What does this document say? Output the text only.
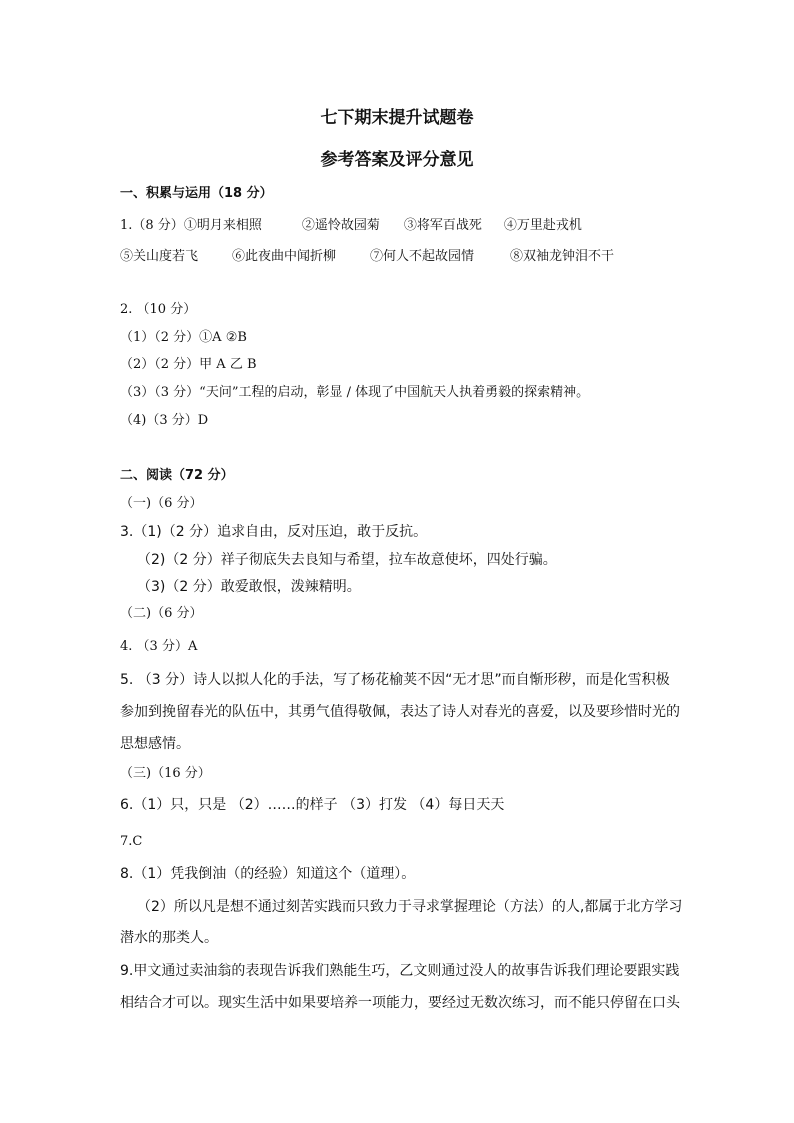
七下期末提升试题卷
参考答案及评分意见
一、积累与运用（18 分）
1.（8 分）①明月来相照	②遥怜故园菊 ③将军百战死 ④万里赴戎机
⑤关山度若飞	⑥此夜曲中闻折柳	⑦何人不起故园情	⑧双袖龙钟泪不干
2. （10 分）
（1）（2 分）①A ②B
（2）（2 分）甲 A 乙 B
（3）（3 分）“天问”工程的启动，彰显 / 体现了中国航天人执着勇毅的探索精神。
（4)（3 分）D
二、阅读（72 分）
（一)（6 分）
3.（1)（2 分）追求自由，反对压迫，敢于反抗。
（2)（2 分）祥子彻底失去良知与希望，拉车故意使坏，四处行骗。
（3)（2 分）敢爱敢恨，泼辣精明。
（二)（6 分）
4. （3 分）A
5. （3 分）诗人以拟人化的手法，写了杨花榆荚不因“无才思”而自惭形秽，而是化雪积极
参加到挽留春光的队伍中，其勇气值得敬佩，表达了诗人对春光的喜爱，以及要珍惜时光的
思想感情。
（三)（16 分）
6.（1）只，只是 （2）……的样子 （3）打发 （4）每日天天
7.C
8.（1）凭我倒油（的经验）知道这个（道理）。
（2）所以凡是想不通过刻苦实践而只致力于寻求掌握理论（方法）的人,都属于北方学习
潜水的那类人。
9.甲文通过卖油翁的表现告诉我们熟能生巧，乙文则通过没人的故事告诉我们理论要跟实践
相结合才可以。现实生活中如果要培养一项能力，要经过无数次练习，而不能只停留在口头
